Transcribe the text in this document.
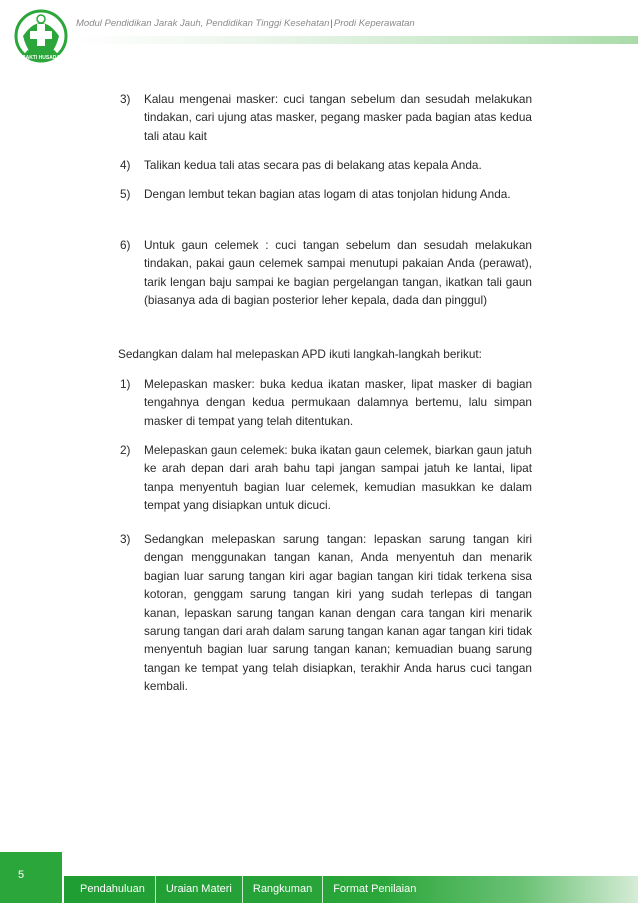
BAKTI HUSADA
Modul Pendidikan Jarak Jauh, Pendidikan Tinggi Kesehatan|Prodi Keperawatan
3)	Kalau mengenai masker: cuci tangan sebelum dan sesudah melakukan tindakan, cari ujung atas masker, pegang masker pada bagian atas kedua tali atau kait
4)	Talikan kedua tali atas secara pas di belakang atas kepala Anda.
5)	Dengan lembut tekan bagian atas logam di atas tonjolan hidung Anda.
6)	Untuk gaun celemek : cuci tangan sebelum dan sesudah melakukan tindakan, pakai gaun celemek sampai menutupi pakaian Anda (perawat), tarik lengan baju sampai ke bagian pergelangan tangan, ikatkan tali gaun (biasanya ada di bagian posterior leher kepala, dada dan pinggul)
Sedangkan dalam hal melepaskan APD ikuti langkah-langkah berikut:
1)	Melepaskan masker: buka kedua ikatan masker, lipat masker di bagian tengahnya dengan kedua permukaan dalamnya bertemu, lalu simpan masker di tempat yang telah ditentukan.
2)	Melepaskan gaun celemek: buka ikatan gaun celemek, biarkan gaun jatuh ke arah depan dari arah bahu tapi jangan sampai jatuh ke lantai, lipat tanpa menyentuh bagian luar celemek, kemudian masukkan ke dalam tempat yang disiapkan untuk dicuci.
3)	Sedangkan melepaskan sarung tangan: lepaskan sarung tangan kiri dengan menggunakan tangan kanan, Anda menyentuh dan menarik bagian luar sarung tangan kiri agar bagian tangan kiri tidak terkena sisa kotoran, genggam sarung tangan kiri yang sudah terlepas di tangan kanan, lepaskan sarung tangan kanan dengan cara tangan kiri menarik sarung tangan dari arah dalam sarung tangan kanan agar tangan kiri tidak menyentuh bagian luar sarung tangan kanan; kemuadian buang sarung tangan ke tempat yang telah disiapkan, terakhir Anda harus cuci tangan kembali.
5
Pendahuluan	Uraian Materi	Rangkuman	Format Penilaian
